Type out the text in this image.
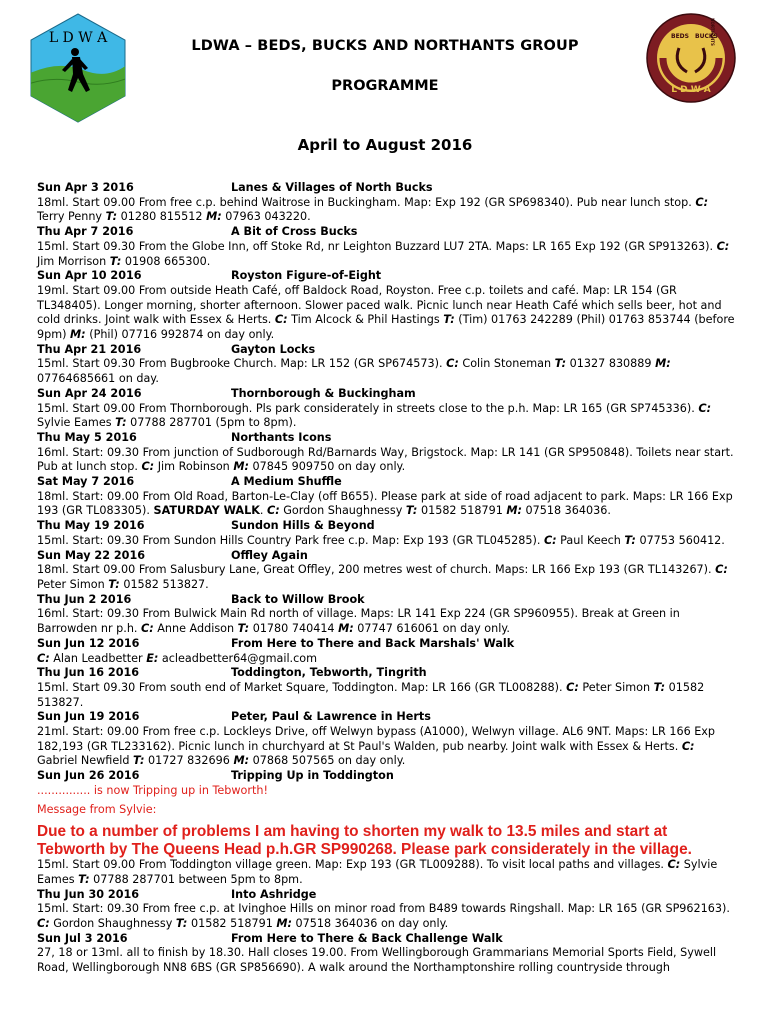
L D W A	BEDS BUCKS
NORTHANTS
L D W A
LDWA – BEDS, BUCKS AND NORTHANTS GROUP
PROGRAMME
April to August 2016
Sun Apr 3 2016	Lanes & Villages of North Bucks
18ml. Start 09.00 From free c.p. behind Waitrose in Buckingham. Map: Exp 192 (GR SP698340). Pub near lunch stop. C: Terry Penny T: 01280 815512 M: 07963 043220.
Thu Apr 7 2016	A Bit of Cross Bucks
15ml. Start 09.30 From the Globe Inn, off Stoke Rd, nr Leighton Buzzard LU7 2TA. Maps: LR 165 Exp 192 (GR SP913263). C: Jim Morrison T: 01908 665300.
Sun Apr 10 2016	Royston Figure-of-Eight
19ml. Start 09.00 From outside Heath Café, off Baldock Road, Royston. Free c.p. toilets and café. Map: LR 154 (GR TL348405). Longer morning, shorter afternoon. Slower paced walk. Picnic lunch near Heath Café which sells beer, hot and cold drinks. Joint walk with Essex & Herts. C: Tim Alcock & Phil Hastings T: (Tim) 01763 242289 (Phil) 01763 853744 (before 9pm) M: (Phil) 07716 992874 on day only.
Thu Apr 21 2016	Gayton Locks
15ml. Start 09.30 From Bugbrooke Church. Map: LR 152 (GR SP674573). C: Colin Stoneman T: 01327 830889 M: 07764685661 on day.
Sun Apr 24 2016	Thornborough & Buckingham
15ml. Start 09.00 From Thornborough. Pls park considerately in streets close to the p.h. Map: LR 165 (GR SP745336). C: Sylvie Eames T: 07788 287701 (5pm to 8pm).
Thu May 5 2016	Northants Icons
16ml. Start: 09.30 From junction of Sudborough Rd/Barnards Way, Brigstock. Map: LR 141 (GR SP950848). Toilets near start. Pub at lunch stop. C: Jim Robinson M: 07845 909750 on day only.
Sat May 7 2016	A Medium Shuffle
18ml. Start: 09.00 From Old Road, Barton-Le-Clay (off B655). Please park at side of road adjacent to park. Maps: LR 166 Exp 193 (GR TL083305). SATURDAY WALK. C: Gordon Shaughnessy T: 01582 518791 M: 07518 364036.
Thu May 19 2016	Sundon Hills & Beyond
15ml. Start: 09.30 From Sundon Hills Country Park free c.p. Map: Exp 193 (GR TL045285). C: Paul Keech T: 07753 560412.
Sun May 22 2016	Offley Again
18ml. Start 09.00 From Salusbury Lane, Great Offley, 200 metres west of church. Maps: LR 166 Exp 193 (GR TL143267). C: Peter Simon T: 01582 513827.
Thu Jun 2 2016	Back to Willow Brook
16ml. Start: 09.30 From Bulwick Main Rd north of village. Maps: LR 141 Exp 224 (GR SP960955). Break at Green in Barrowden nr p.h. C: Anne Addison T: 01780 740414 M: 07747 616061 on day only.
Sun Jun 12 2016	From Here to There and Back Marshals' Walk
C: Alan Leadbetter E: acleadbetter64@gmail.com
Thu Jun 16 2016	Toddington, Tebworth, Tingrith
15ml. Start 09.30 From south end of Market Square, Toddington. Map: LR 166 (GR TL008288). C: Peter Simon T: 01582 513827.
Sun Jun 19 2016	Peter, Paul & Lawrence in Herts
21ml. Start: 09.00 From free c.p. Lockleys Drive, off Welwyn bypass (A1000), Welwyn village. AL6 9NT. Maps: LR 166 Exp 182,193 (GR TL233162). Picnic lunch in churchyard at St Paul's Walden, pub nearby. Joint walk with Essex & Herts. C: Gabriel Newfield T: 01727 832696 M: 07868 507565 on day only.
Sun Jun 26 2016	Tripping Up in Toddington
............... is now Tripping up in Tebworth!
Message from Sylvie:
Due to a number of problems I am having to shorten my walk to 13.5 miles and start at Tebworth by The Queens Head p.h.GR SP990268. Please park considerately in the village.
15ml. Start 09.00 From Toddington village green. Map: Exp 193 (GR TL009288). To visit local paths and villages. C: Sylvie Eames T: 07788 287701 between 5pm to 8pm.
Thu Jun 30 2016	Into Ashridge
15ml. Start: 09.30 From free c.p. at Ivinghoe Hills on minor road from B489 towards Ringshall. Map: LR 165 (GR SP962163). C: Gordon Shaughnessy T: 01582 518791 M: 07518 364036 on day only.
Sun Jul 3 2016	From Here to There & Back Challenge Walk
27, 18 or 13ml. all to finish by 18.30. Hall closes 19.00. From Wellingborough Grammarians Memorial Sports Field, Sywell Road, Wellingborough NN8 6BS (GR SP856690). A walk around the Northamptonshire rolling countryside through
